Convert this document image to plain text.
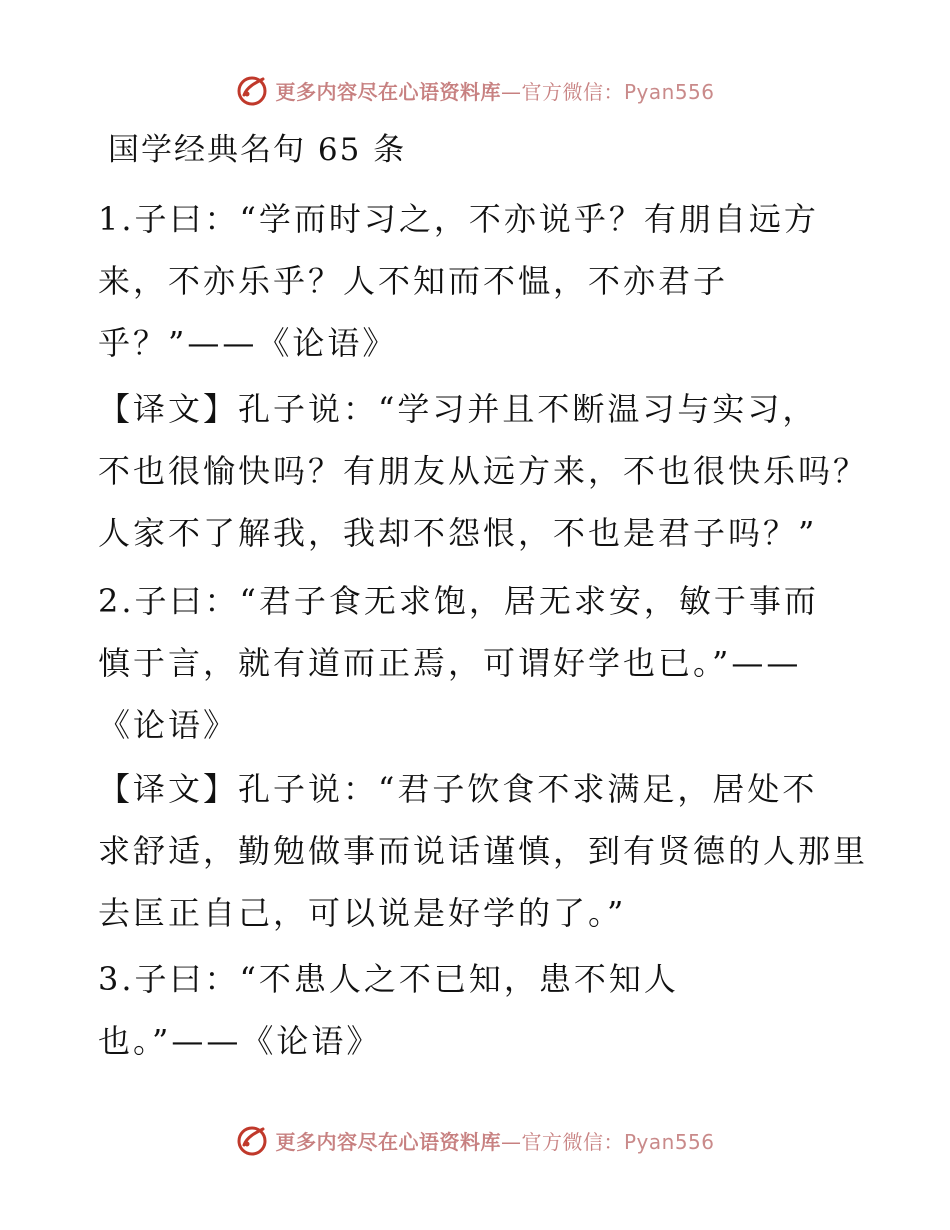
更多内容尽在心语资料库—官方微信：Pyan556
国学经典名句 65 条
1.子曰：“学而时习之，不亦说乎？有朋自远方
来，不亦乐乎？人不知而不愠，不亦君子
乎？”——《论语》
【译文】孔子说：“学习并且不断温习与实习，
不也很愉快吗？有朋友从远方来，不也很快乐吗？
人家不了解我，我却不怨恨，不也是君子吗？”
2.子曰：“君子食无求饱，居无求安，敏于事而
慎于言，就有道而正焉，可谓好学也已。”——
《论语》
【译文】孔子说：“君子饮食不求满足，居处不
求舒适，勤勉做事而说话谨慎，到有贤德的人那里
去匡正自己，可以说是好学的了。”
3.子曰：“不患人之不已知，患不知人
也。”——《论语》
更多内容尽在心语资料库—官方微信：Pyan556
